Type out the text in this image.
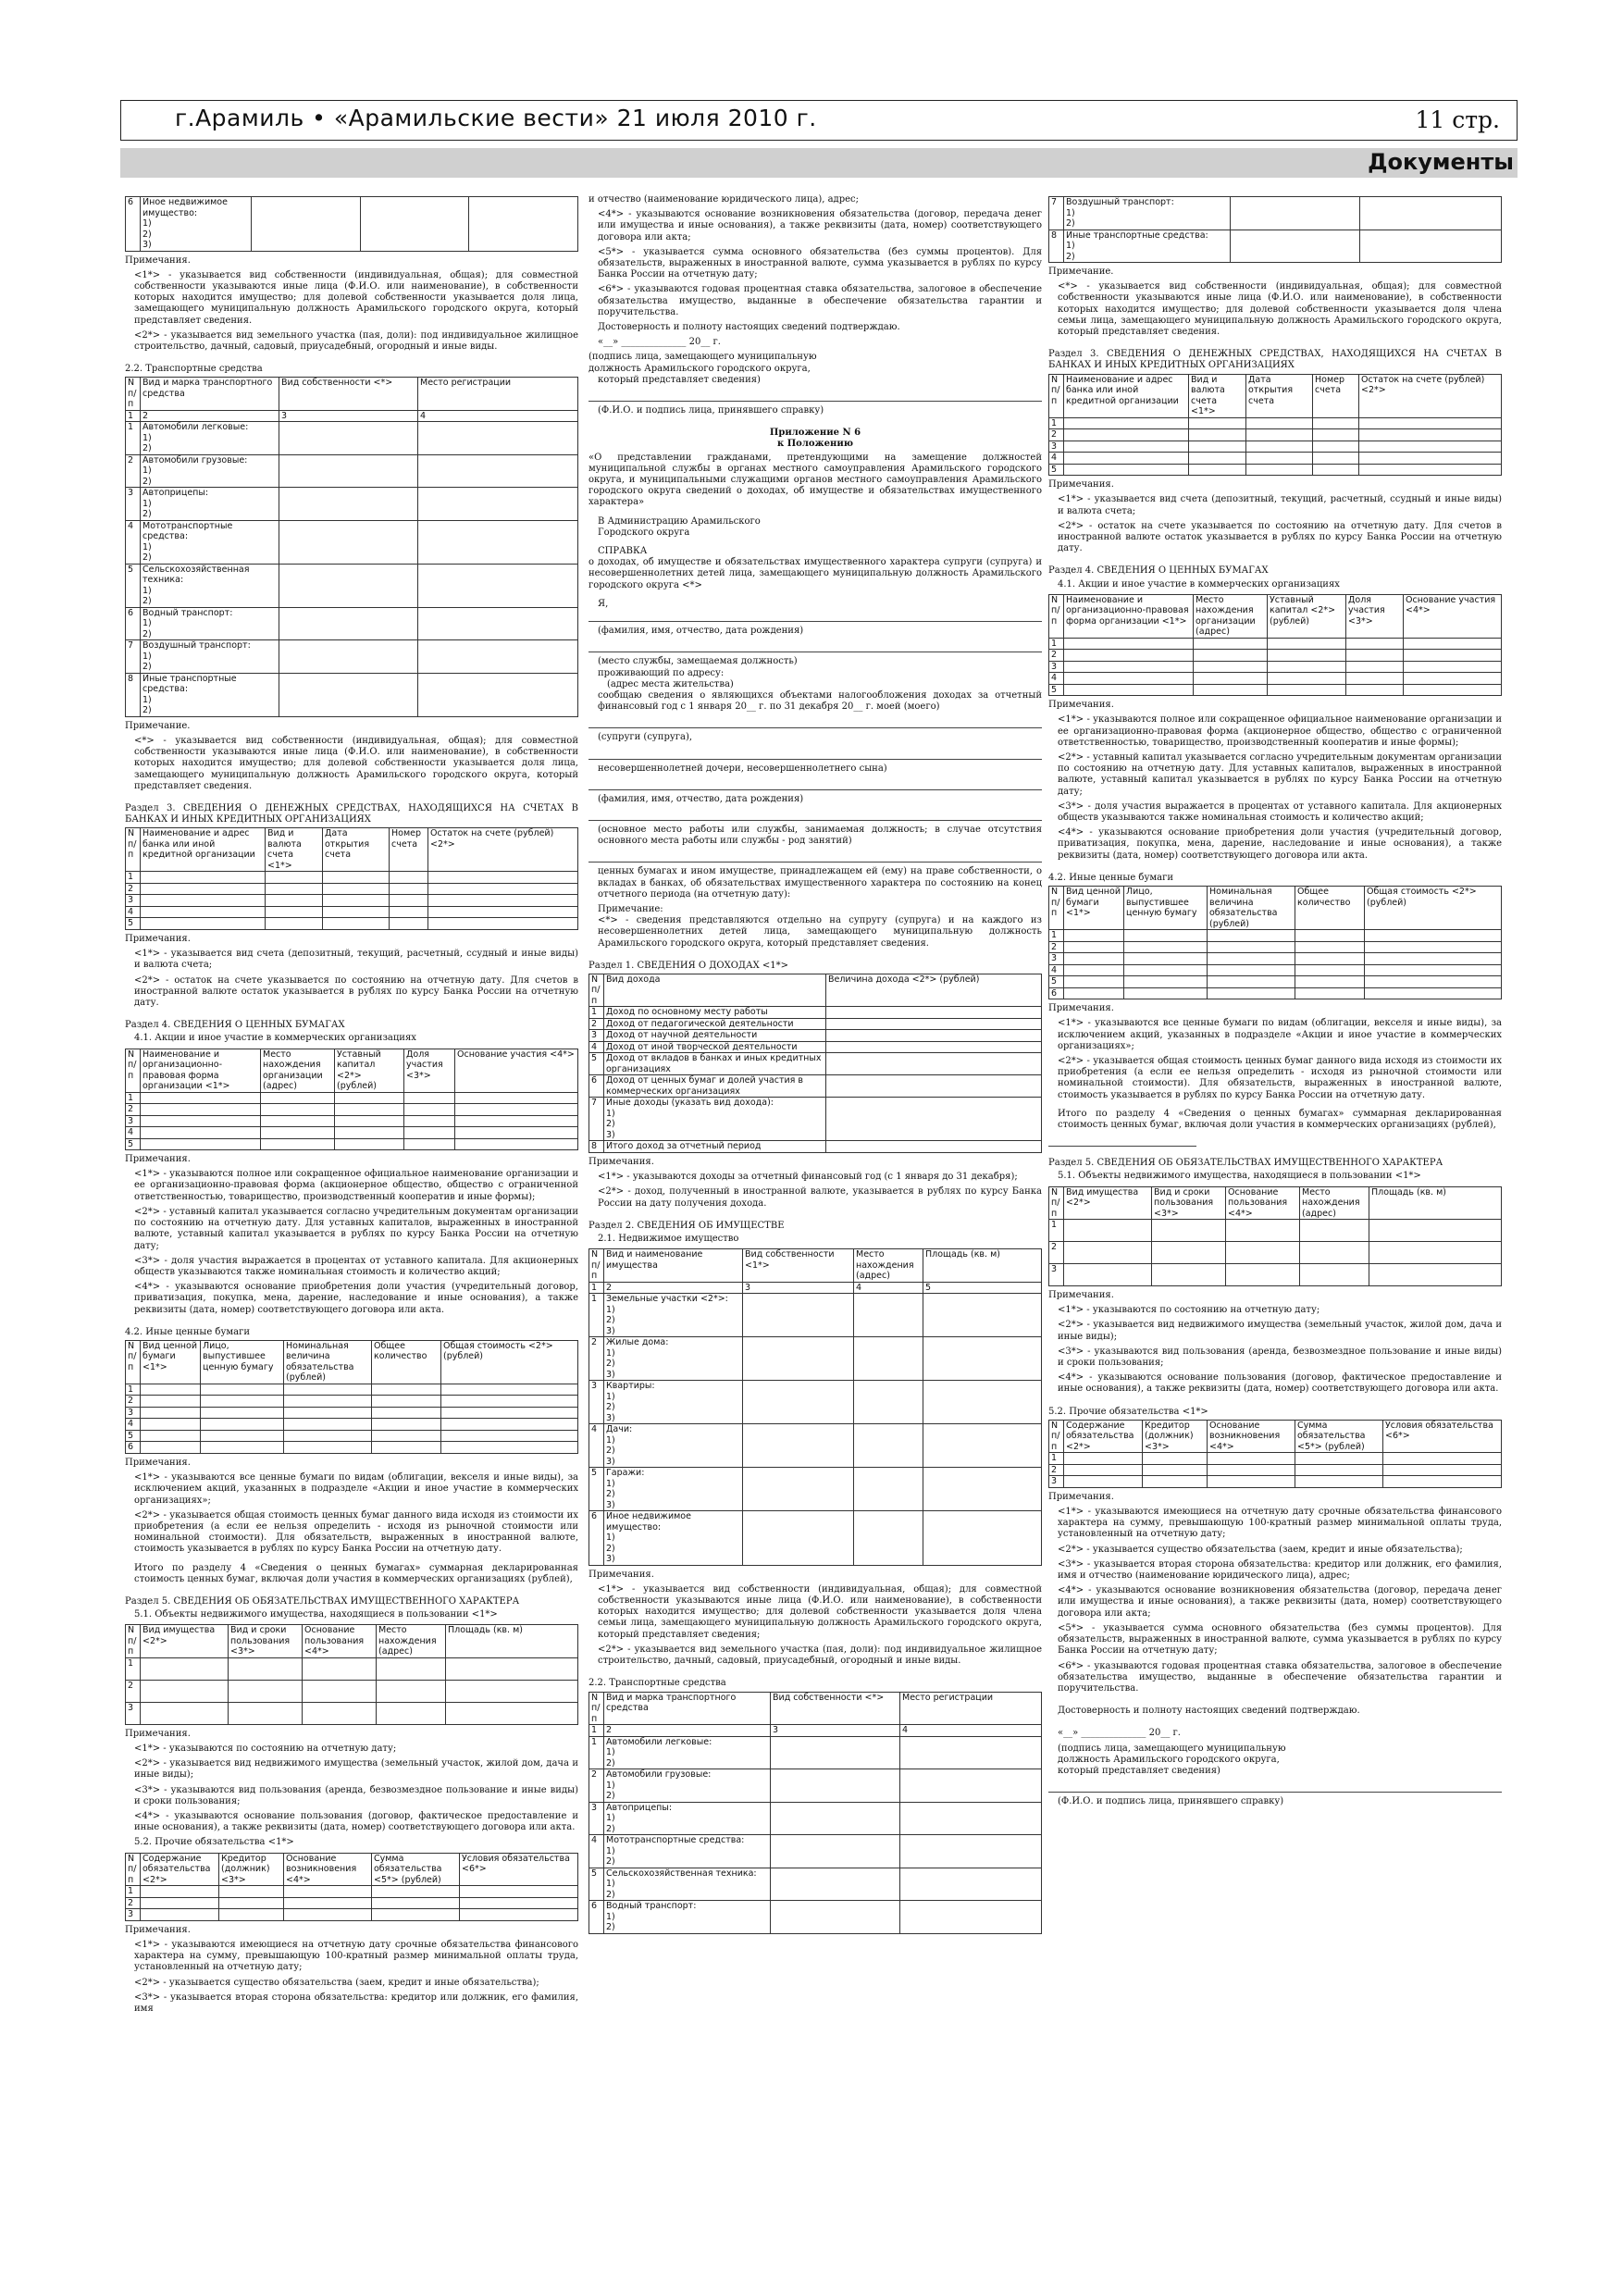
г.Арамиль • «Арамильские вести» 21 июля 2010 г.	11 стр.
Документы
6	Иное недвижимое имущество:
1)
2)
3)			

Примечания.

<1*> - указывается вид собственности (индивидуальная, общая); для совместной собственности указываются иные лица (Ф.И.О. или наименование), в собственности которых находится имущество; для долевой собственности указывается доля лица, замещающего муниципальную должность Арамильского городского округа, который представляет сведения.

<2*> - указывается вид земельного участка (пая, доли): под индивидуальное жилищное строительство, дачный, садовый, приусадебный, огородный и иные виды.

2.2. Транспортные средства

N п/п	Вид и марка транспортного средства	Вид собственности <*>	Место регистрации
1	2	3	4
1	Автомобили легковые:
1)
2)		
2	Автомобили грузовые:
1)
2)		
3	Автоприцепы:
1)
2)		
4	Мототранспортные средства:
1)
2)		
5	Сельскохозяйственная техника:
1)
2)		
6	Водный транспорт:
1)
2)		
7	Воздушный транспорт:
1)
2)		
8	Иные транспортные средства:
1)
2)		

Примечание.

<*> - указывается вид собственности (индивидуальная, общая); для совместной собственности указываются иные лица (Ф.И.О. или наименование), в собственности которых находится имущество; для долевой собственности указывается доля лица, замещающего муниципальную должность Арамильского городского округа, который представляет сведения.

Раздел 3. СВЕДЕНИЯ О ДЕНЕЖНЫХ СРЕДСТВАХ, НАХОДЯЩИХСЯ НА СЧЕТАХ В БАНКАХ И ИНЫХ КРЕДИТНЫХ ОРГАНИЗАЦИЯХ

N п/п	Наименование и адрес банка или иной кредитной организации	Вид и валюта счета <1*>	Дата открытия счета	Номер счета	Остаток на счете (рублей) <2*>
1					
2					
3					
4					
5					

Примечания.

<1*> - указывается вид счета (депозитный, текущий, расчетный, ссудный и иные виды) и валюта счета;

<2*> - остаток на счете указывается по состоянию на отчетную дату. Для счетов в иностранной валюте остаток указывается в рублях по курсу Банка России на отчетную дату.

Раздел 4. СВЕДЕНИЯ О ЦЕННЫХ БУМАГАХ

4.1. Акции и иное участие в коммерческих организациях

N п/п	Наименование и организационно-правовая форма организации <1*>	Место нахождения организации (адрес)	Уставный капитал <2*> (рублей)	Доля участия <3*>	Основание участия <4*>
1					
2					
3					
4					
5					

Примечания.

<1*> - указываются полное или сокращенное официальное наименование организации и ее организационно-правовая форма (акционерное общество, общество с ограниченной ответственностью, товарищество, производственный кооператив и иные формы);

<2*> - уставный капитал указывается согласно учредительным документам организации по состоянию на отчетную дату. Для уставных капиталов, выраженных в иностранной валюте, уставный капитал указывается в рублях по курсу Банка России на отчетную дату;

<3*> - доля участия выражается в процентах от уставного капитала. Для акционерных обществ указываются также номинальная стоимость и количество акций;

<4*> - указываются основание приобретения доли участия (учредительный договор, приватизация, покупка, мена, дарение, наследование и иные основания), а также реквизиты (дата, номер) соответствующего договора или акта.

4.2. Иные ценные бумаги

N п/п	Вид ценной бумаги <1*>	Лицо, выпустившее ценную бумагу	Номинальная величина обязательства (рублей)	Общее количество	Общая стоимость <2*> (рублей)
1					
2					
3					
4					
5					
6					

Примечания.

<1*> - указываются все ценные бумаги по видам (облигации, векселя и иные виды), за исключением акций, указанных в подразделе «Акции и иное участие в коммерческих организациях»;

<2*> - указывается общая стоимость ценных бумаг данного вида исходя из стоимости их приобретения (а если ее нельзя определить - исходя из рыночной стоимости или номинальной стоимости). Для обязательств, выраженных в иностранной валюте, стоимость указывается в рублях по курсу Банка России на отчетную дату.

Итого по разделу 4 «Сведения о ценных бумагах» суммарная декларированная стоимость ценных бумаг, включая доли участия в коммерческих организациях (рублей),

Раздел 5. СВЕДЕНИЯ ОБ ОБЯЗАТЕЛЬСТВАХ ИМУЩЕСТВЕННОГО ХАРАКТЕРА

5.1. Объекты недвижимого имущества, находящиеся в пользовании <1*>

N п/п	Вид имущества <2*>	Вид и сроки пользования <3*>	Основание пользования <4*>	Место нахождения (адрес)	Площадь (кв. м)
1					
2					
3					

Примечания.

<1*> - указываются по состоянию на отчетную дату;

<2*> - указывается вид недвижимого имущества (земельный участок, жилой дом, дача и иные виды);

<3*> - указываются вид пользования (аренда, безвозмездное пользование и иные виды) и сроки пользования;

<4*> - указываются основание пользования (договор, фактическое предоставление и иные основания), а также реквизиты (дата, номер) соответствующего договора или акта.

5.2. Прочие обязательства <1*>

N п/п	Содержание обязательства <2*>	Кредитор (должник) <3*>	Основание возникновения <4*>	Сумма обязательства <5*> (рублей)	Условия обязательства <6*>
1					
2					
3					

Примечания.

<1*> - указываются имеющиеся на отчетную дату срочные обязательства финансового характера на сумму, превышающую 100-кратный размер минимальной оплаты труда, установленный на отчетную дату;

<2*> - указывается существо обязательства (заем, кредит и иные обязательства);

<3*> - указывается вторая сторона обязательства: кредитор или должник, его фамилия, имя

и отчество (наименование юридического лица), адрес;

<4*> - указываются основание возникновения обязательства (договор, передача денег или имущества и иные основания), а также реквизиты (дата, номер) соответствующего договора или акта;

<5*> - указывается сумма основного обязательства (без суммы процентов). Для обязательств, выраженных в иностранной валюте, сумма указывается в рублях по курсу Банка России на отчетную дату;

<6*> - указываются годовая процентная ставка обязательства, залоговое в обеспечение обязательства имущество, выданные в обеспечение обязательства гарантии и поручительства.

Достоверность и полноту настоящих сведений подтверждаю.

«__» ______________ 20__ г.

(подпись лица, замещающего муниципальную

должность Арамильского городского округа,

который представляет сведения)

(Ф.И.О. и подпись лица, принявшего справку)

Приложение N 6

к Положению

«О представлении гражданами, претендующими на замещение должностей муниципальной службы в органах местного самоуправления Арамильского городского округа, и муниципальными служащими органов местного самоуправления Арамильского городского округа сведений о доходах, об имуществе и обязательствах имущественного характера»

В Администрацию Арамильского

Городского округа

СПРАВКА

о доходах, об имуществе и обязательствах имущественного характера супруги (супруга) и несовершеннолетних детей лица, замещающего муниципальную должность Арамильского городского округа <*>

Я,

(фамилия, имя, отчество, дата рождения)

(место службы, замещаемая должность)

проживающий по адресу:

(адрес места жительства)

сообщаю сведения о являющихся объектами налогообложения доходах за отчетный финансовый год с 1 января 20__ г. по 31 декабря 20__ г. моей (моего)

(супруги (супруга),

несовершеннолетней дочери, несовершеннолетнего сына)

(фамилия, имя, отчество, дата рождения)

(основное место работы или службы, занимаемая должность; в случае отсутствия основного места работы или службы - род занятий)

ценных бумагах и ином имуществе, принадлежащем ей (ему) на праве собственности, о вкладах в банках, об обязательствах имущественного характера по состоянию на конец отчетного периода (на отчетную дату):

Примечание:

<*> - сведения представляются отдельно на супругу (супруга) и на каждого из несовершеннолетних детей лица, замещающего муниципальную должность Арамильского городского округа, который представляет сведения.

Раздел 1. СВЕДЕНИЯ О ДОХОДАХ <1*>

N п/п	Вид дохода	Величина дохода <2*> (рублей)
1	Доход по основному месту работы	
2	Доход от педагогической деятельности	
3	Доход от научной деятельности	
4	Доход от иной творческой деятельности	
5	Доход от вкладов в банках и иных кредитных организациях	
6	Доход от ценных бумаг и долей участия в коммерческих организациях	
7	Иные доходы (указать вид дохода):
1)
2)
3)	
8	Итого доход за отчетный период	

Примечания.

<1*> - указываются доходы за отчетный финансовый год (с 1 января до 31 декабря);

<2*> - доход, полученный в иностранной валюте, указывается в рублях по курсу Банка России на дату получения дохода.

Раздел 2. СВЕДЕНИЯ ОБ ИМУЩЕСТВЕ

2.1. Недвижимое имущество

N п/п	Вид и наименование имущества	Вид собственности <1*>	Место нахождения (адрес)	Площадь (кв. м)
1	2	3	4	5
1	Земельные участки <2*>:
1)
2)
3)			
2	Жилые дома:
1)
2)
3)			
3	Квартиры:
1)
2)
3)			
4	Дачи:
1)
2)
3)			
5	Гаражи:
1)
2)
3)			
6	Иное недвижимое имущество:
1)
2)
3)			

Примечания.

<1*> - указывается вид собственности (индивидуальная, общая); для совместной собственности указываются иные лица (Ф.И.О. или наименование), в собственности которых находится имущество; для долевой собственности указывается доля члена семьи лица, замещающего муниципальную должность Арамильского городского округа, который представляет сведения;

<2*> - указывается вид земельного участка (пая, доли): под индивидуальное жилищное строительство, дачный, садовый, приусадебный, огородный и иные виды.

2.2. Транспортные средства

N п/п	Вид и марка транспортного средства	Вид собственности <*>	Место регистрации
1	2	3	4
1	Автомобили легковые:
1)
2)		
2	Автомобили грузовые:
1)
2)		
3	Автоприцепы:
1)
2)		
4	Мототранспортные средства:
1)
2)		
5	Сельскохозяйственная техника:
1)
2)		
6	Водный транспорт:
1)
2)		
7	Воздушный транспорт:
1)
2)		
8	Иные транспортные средства:
1)
2)		

Примечание.

<*> - указывается вид собственности (индивидуальная, общая); для совместной собственности указываются иные лица (Ф.И.О. или наименование), в собственности которых находится имущество; для долевой собственности указывается доля члена семьи лица, замещающего муниципальную должность Арамильского городского округа, который представляет сведения.

Раздел 3. СВЕДЕНИЯ О ДЕНЕЖНЫХ СРЕДСТВАХ, НАХОДЯЩИХСЯ НА СЧЕТАХ В БАНКАХ И ИНЫХ КРЕДИТНЫХ ОРГАНИЗАЦИЯХ

N п/п	Наименование и адрес банка или иной кредитной организации	Вид и валюта счета <1*>	Дата открытия счета	Номер счета	Остаток на счете (рублей) <2*>
1					
2					
3					
4					
5					

Примечания.

<1*> - указывается вид счета (депозитный, текущий, расчетный, ссудный и иные виды) и валюта счета;

<2*> - остаток на счете указывается по состоянию на отчетную дату. Для счетов в иностранной валюте остаток указывается в рублях по курсу Банка России на отчетную дату.

Раздел 4. СВЕДЕНИЯ О ЦЕННЫХ БУМАГАХ

4.1. Акции и иное участие в коммерческих организациях

N п/п	Наименование и организационно-правовая форма организации <1*>	Место нахождения организации (адрес)	Уставный капитал <2*> (рублей)	Доля участия <3*>	Основание участия <4*>
1					
2					
3					
4					
5					

Примечания.

<1*> - указываются полное или сокращенное официальное наименование организации и ее организационно-правовая форма (акционерное общество, общество с ограниченной ответственностью, товарищество, производственный кооператив и иные формы);

<2*> - уставный капитал указывается согласно учредительным документам организации по состоянию на отчетную дату. Для уставных капиталов, выраженных в иностранной валюте, уставный капитал указывается в рублях по курсу Банка России на отчетную дату;

<3*> - доля участия выражается в процентах от уставного капитала. Для акционерных обществ указываются также номинальная стоимость и количество акций;

<4*> - указываются основание приобретения доли участия (учредительный договор, приватизация, покупка, мена, дарение, наследование и иные основания), а также реквизиты (дата, номер) соответствующего договора или акта.

4.2. Иные ценные бумаги

N п/п	Вид ценной бумаги <1*>	Лицо, выпустившее ценную бумагу	Номинальная величина обязательства (рублей)	Общее количество	Общая стоимость <2*> (рублей)
1					
2					
3					
4					
5					
6					

Примечания.

<1*> - указываются все ценные бумаги по видам (облигации, векселя и иные виды), за исключением акций, указанных в подразделе «Акции и иное участие в коммерческих организациях»;

<2*> - указывается общая стоимость ценных бумаг данного вида исходя из стоимости их приобретения (а если ее нельзя определить - исходя из рыночной стоимости или номинальной стоимости). Для обязательств, выраженных в иностранной валюте, стоимость указывается в рублях по курсу Банка России на отчетную дату.

Итого по разделу 4 «Сведения о ценных бумагах» суммарная декларированная стоимость ценных бумаг, включая доли участия в коммерческих организациях (рублей),

Раздел 5. СВЕДЕНИЯ ОБ ОБЯЗАТЕЛЬСТВАХ ИМУЩЕСТВЕННОГО ХАРАКТЕРА

5.1. Объекты недвижимого имущества, находящиеся в пользовании <1*>

N п/п	Вид имущества <2*>	Вид и сроки пользования <3*>	Основание пользования <4*>	Место нахождения (адрес)	Площадь (кв. м)
1					
2					
3					

Примечания.

<1*> - указываются по состоянию на отчетную дату;

<2*> - указывается вид недвижимого имущества (земельный участок, жилой дом, дача и иные виды);

<3*> - указываются вид пользования (аренда, безвозмездное пользование и иные виды) и сроки пользования;

<4*> - указываются основание пользования (договор, фактическое предоставление и иные основания), а также реквизиты (дата, номер) соответствующего договора или акта.

5.2. Прочие обязательства <1*>

N п/п	Содержание обязательства <2*>	Кредитор (должник) <3*>	Основание возникновения <4*>	Сумма обязательства <5*> (рублей)	Условия обязательства <6*>
1					
2					
3					

Примечания.

<1*> - указываются имеющиеся на отчетную дату срочные обязательства финансового характера на сумму, превышающую 100-кратный размер минимальной оплаты труда, установленный на отчетную дату;

<2*> - указывается существо обязательства (заем, кредит и иные обязательства);

<3*> - указывается вторая сторона обязательства: кредитор или должник, его фамилия, имя и отчество (наименование юридического лица), адрес;

<4*> - указываются основание возникновения обязательства (договор, передача денег или имущества и иные основания), а также реквизиты (дата, номер) соответствующего договора или акта;

<5*> - указывается сумма основного обязательства (без суммы процентов). Для обязательств, выраженных в иностранной валюте, сумма указывается в рублях по курсу Банка России на отчетную дату;

<6*> - указываются годовая процентная ставка обязательства, залоговое в обеспечение обязательства имущество, выданные в обеспечение обязательства гарантии и поручительства.

Достоверность и полноту настоящих сведений подтверждаю.

«__» ______________ 20__ г.

(подпись лица, замещающего муниципальную

должность Арамильского городского округа,

который представляет сведения)

(Ф.И.О. и подпись лица, принявшего справку)
